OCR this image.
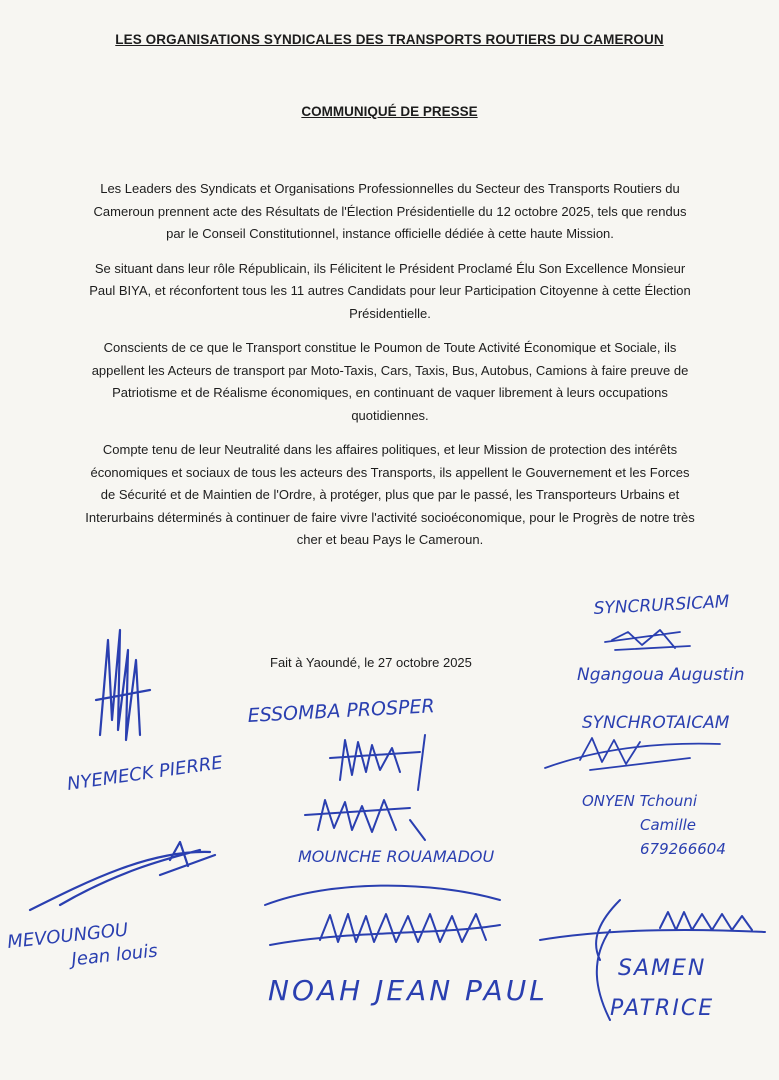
LES ORGANISATIONS SYNDICALES DES TRANSPORTS ROUTIERS DU CAMEROUN
COMMUNIQUÉ DE PRESSE

Les Leaders des Syndicats et Organisations Professionnelles du Secteur des Transports Routiers du Cameroun prennent acte des Résultats de l'Élection Présidentielle du 12 octobre 2025, tels que rendus par le Conseil Constitutionnel, instance officielle dédiée à cette haute Mission.

Se situant dans leur rôle Républicain, ils Félicitent le Président Proclamé Élu Son Excellence Monsieur Paul BIYA, et réconfortent tous les 11 autres Candidats pour leur Participation Citoyenne à cette Élection Présidentielle.

Conscients de ce que le Transport constitue le Poumon de Toute Activité Économique et Sociale, ils appellent les Acteurs de transport par Moto-Taxis, Cars, Taxis, Bus, Autobus, Camions à faire preuve de Patriotisme et de Réalisme économiques, en continuant de vaquer librement à leurs occupations quotidiennes.

Compte tenu de leur Neutralité dans les affaires politiques, et leur Mission de protection des intérêts économiques et sociaux de tous les acteurs des Transports, ils appellent le Gouvernement et les Forces de Sécurité et de Maintien de l'Ordre, à protéger, plus que par le passé, les Transporteurs Urbains et Interurbains déterminés à continuer de faire vivre l'activité socioéconomique, pour le Progrès de notre très cher et beau Pays le Cameroun.

Fait à Yaoundé, le 27 octobre 2025
NYEMECK PIERRE
ESSOMBA PROSPER
MOUNCHE ROUAMADOU
MEVOUNGOUJean louis
NOAH JEAN PAUL
SYNCRURSICAM
Ngangoua Augustin
SYNCHROTAICAM
ONYEN Tchouni Camille 679266604
SAMEN PATRICE
